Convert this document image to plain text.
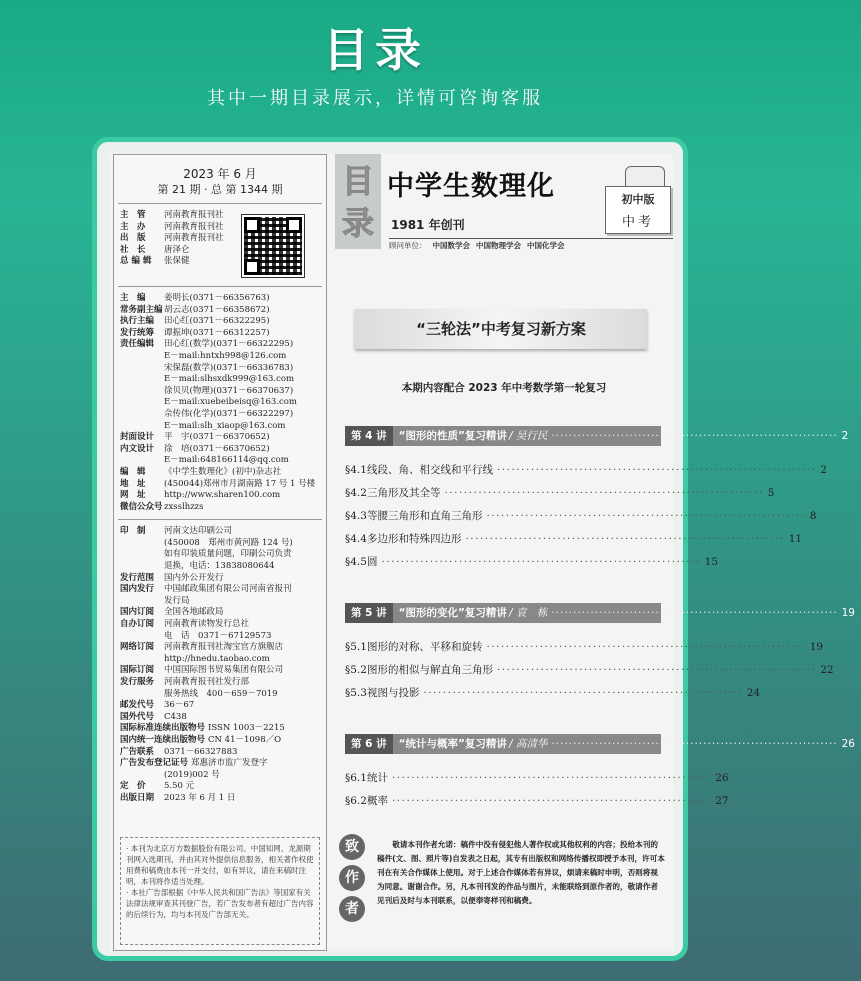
目录
其中一期目录展示，详情可咨询客服
2023 年 6 月
第 21 期 · 总 第 1344 期
主　管	河南教育报刊社
主　办	河南教育报刊社
出　版	河南教育报刊社
社　长	唐泽仑
总 编 辑	张保健
主　编	姜明长(0371－66356763)
常务副主编 胡云志(0371－66358672)
执行主编	田心红(0371－66322295)
发行统筹	谭振坤(0371－66312257)
责任编辑	田心红(数学)(0371－66322295)
E－mail:hntxh998@126.com
宋保磊(数学)(0371－66336783)
E－mail:slhsxdk999@163.com
徐贝贝(物理)(0371－66370637)
E－mail:xuebeibeisq@163.com
佘传伟(化学)(0371－66322297)
E－mail:slh_xiaop@163.com
封面设计	平　宇(0371－66370652)
内文设计	徐　培(0371－66370652)
E－mail:648166114@qq.com
编　辑	《中学生数理化》(初中)杂志社
地　址	(450044)郑州市月湖南路 17 号 1 号楼
网　址	http://www.sharen100.com
微信公众号 zxsslhzzs
印　制	河南文达印刷公司
(450008　郑州市黄河路 124 号)
如有印装质量问题，印刷公司负责
退换，电话：13838080644
发行范围	国内外公开发行
国内发行	中国邮政集团有限公司河南省报刊
发行局
国内订阅	全国各地邮政局
自办订阅	河南教育读物发行总社
电　话　0371－67129573
网络订阅	河南教育报刊社淘宝官方旗舰店
http://hnedu.taobao.com
国际订阅	中国国际图书贸易集团有限公司
发行服务	河南教育报刊社发行部
服务热线　400－659－7019
邮发代号	36－67
国外代号	C438
国际标准连续出版物号 ISSN 1003－2215
国内统一连续出版物号 CN 41－1098／O
广告联系	0371－66327883
广告发布登记证号 郑惠济市监广发登字
(2019)002 号
定　价	5.50 元
出版日期	2023 年 6 月 1 日
· 本刊为北京万方数据股份有限公司、中国知网、龙源期刊网入选期刊，并由其对外提供信息服务，相关著作权使用费和稿费由本刊一并支付，如有异议，请在来稿时注明，本刊将作适当处理。
· 本社广告部根据《中华人民共和国广告法》等国家有关法律法规审查其刊登广告，若广告发布者有超过广告内容的后续行为，均与本刊及广告部无关。
目
录
中学生数理化
1981 年创刊
顾问单位： 中国数学会 中国物理学会 中国化学会
初中版
中考
“三轮法”中考复习新方案
本期内容配合 2023 年中考数学第一轮复习
第 4 讲	“图形的性质”复习精讲 / 吴行民 ·································································· 2
§4.1 线段、角、相交线和平行线 ·································································· 2
§4.2 三角形及其全等 ·································································· 5
§4.3 等腰三角形和直角三角形 ·································································· 8
§4.4 多边形和特殊四边形 ·································································· 11
§4.5 圆 ·································································· 15
第 5 讲	“图形的变化”复习精讲 / 袁　栋 ·································································· 19
§5.1 图形的对称、平移和旋转 ·································································· 19
§5.2 图形的相似与解直角三角形 ·································································· 22
§5.3 视图与投影 ·································································· 24
第 6 讲	“统计与概率”复习精讲 / 高清华 ·································································· 26
§6.1 统计 ·································································· 26
§6.2 概率 ·································································· 27
致
作
者
敬请本刊作者允诺：稿件中没有侵犯他人著作权或其他权利的内容；投给本刊的稿件(文、图、照片等)自发表之日起，其专有出版权和网络传播权即授予本刊，许可本刊在有关合作媒体上使用。对于上述合作媒体若有异议，烦请来稿时申明，否则将视为同意。谢谢合作。另，凡本刊刊发的作品与图片，未能联络到原作者的，敬请作者见刊后及时与本刊联系，以便奉寄样刊和稿费。
